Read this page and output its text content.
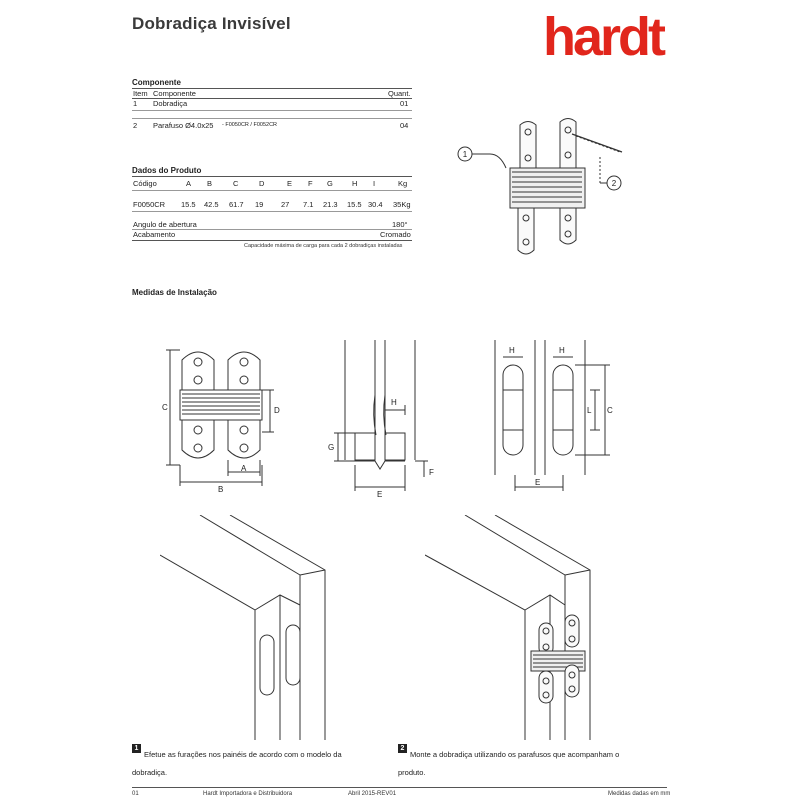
Dobradiça Invisível	hardt
Componente
Item Componente	Quant.
1 Dobradiça	01
2 Parafuso Ø4.0x25 - F0050CR / F0052CR	04
Dados do Produto
Código	A B	C	D	E F G	H I	Kg
F0050CR 15.5 42.5 61.7 19 27 7.1 21.3 15.5 30.4 35Kg
Angulo de abertura	180°
Acabamento	Cromado
Capacidade máxima de carga para cada 2 dobradiças instaladas
1
2
Medidas de Instalação
C	D
B
A
H
G
F
E
H	H
L C
E
1Efetue as furações nos painéis de acordo com o modelo da dobradiça.
2Monte a dobradiça utilizando os parafusos que acompanham o produto.
01	Hardt Importadora e Distribuidora	Abril 2015-REV01	Medidas dadas em mm
